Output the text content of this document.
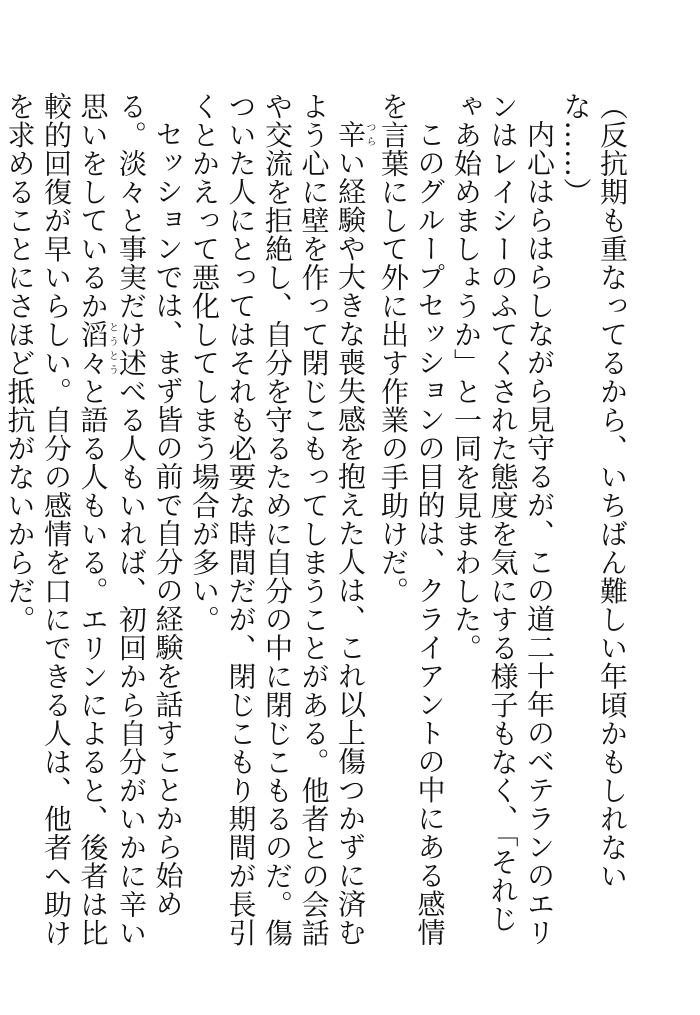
（反抗期も重なってるから、いちばん難しい年頃かもしれないな……）

内心はらはらしながら見守るが、この道二十年のベテランのエリンはレイシーのふてくされた態度を気にする様子もなく、「それじゃあ始めましょうか」と一同を見まわした。

このグループセッションの目的は、クライアントの中にある感情を言葉にして外に出す作業の手助けだ。

辛つらい経験や大きな喪失感を抱えた人は、これ以上傷つかずに済むよう心に壁を作って閉じこもってしまうことがある。他者との会話や交流を拒絶し、自分を守るために自分の中に閉じこもるのだ。傷ついた人にとってはそれも必要な時間だが、閉じこもり期間が長引くとかえって悪化してしまう場合が多い。

セッションでは、まず皆の前で自分の経験を話すことから始める。淡々と事実だけ述べる人もいれば、初回から自分がいかに辛い思いをしているか滔々とうとうと語る人もいる。エリンによると、後者は比較的回復が早いらしい。自分の感情を口にできる人は、他者へ助けを求めることにさほど抵抗がないからだ。
